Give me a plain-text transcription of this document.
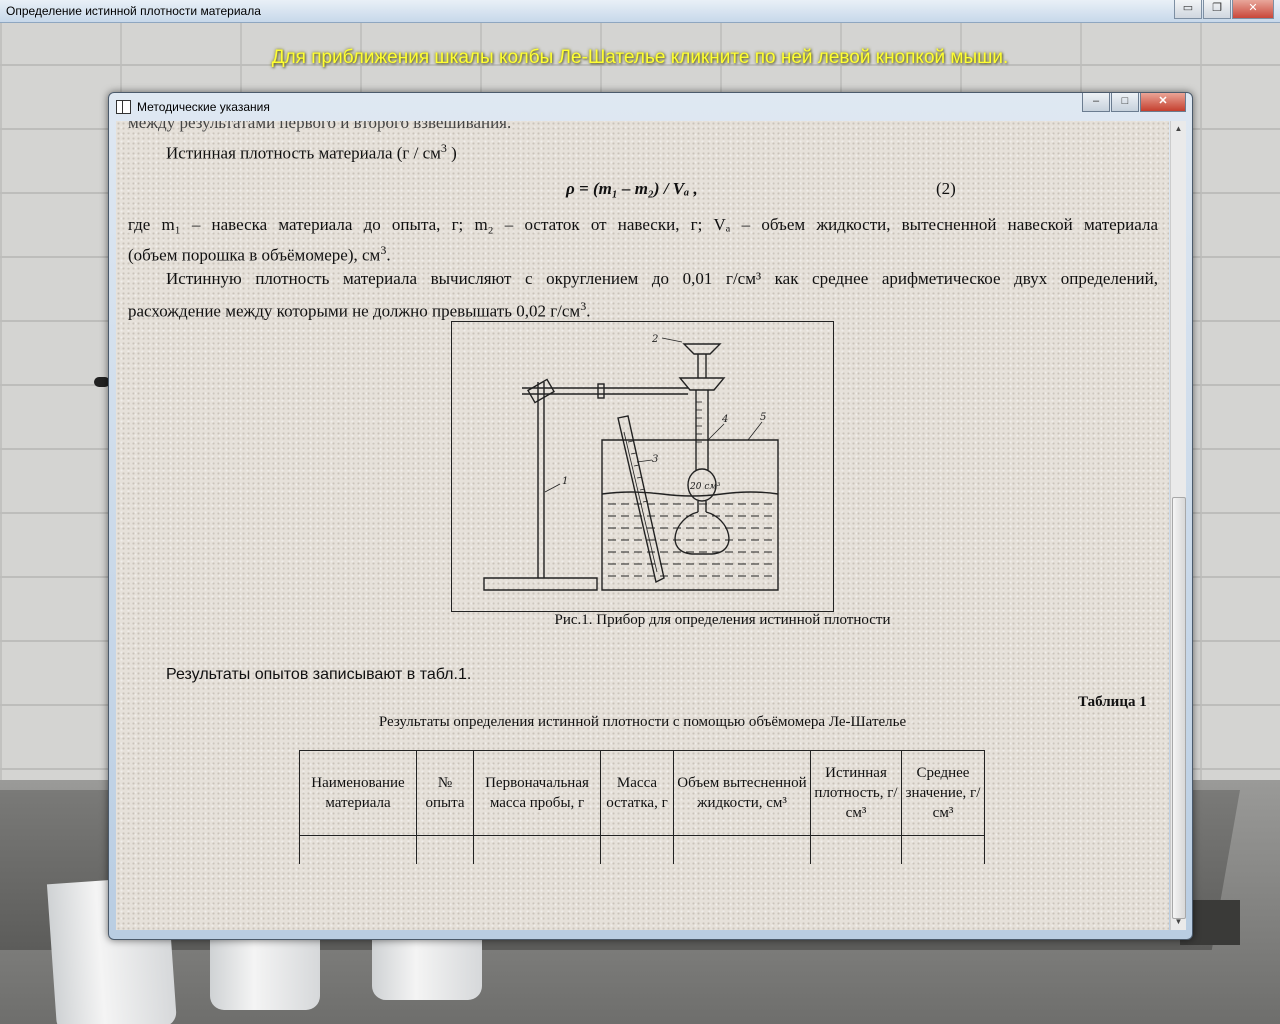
Определение истинной плотности материала	▭	❐	✕
Для приближения шкалы колбы Ле-Шателье кликните по ней левой кнопкой мыши.
Методические указания	–	□	✕
между результатами первого и второго взвешивания.
Истинная плотность материала ($г / см^3$ )
ρ = (m₁ – m₂) / Vₐ ,	(2)
где m₁ – навеска материала до опыта, г; m₂ – остаток от навески, г; Vₐ – объем жидкости, вытесненной навеской материала
(объем порошка в объёмомере), $см^3$.
Истинную плотность материала вычисляют с округлением до 0,01 г/см³ как среднее арифметическое двух определений,
расхождение между которыми не должно превышать 0,02 $г/см^3$.
1
2
3
4	5
20 см³
Рис.1. Прибор для определения истинной плотности
Результаты опытов записывают в табл.1.
Таблица 1
Результаты определения истинной плотности с помощью объёмомера Ле-Шателье
Наименование материала	№ опыта	Первоначальная масса пробы, г	Масса остатка, г	Объем вытесненной жидкости, см³	Истинная плотность, г/см³	Среднее значение, г/см³

▲
▼
